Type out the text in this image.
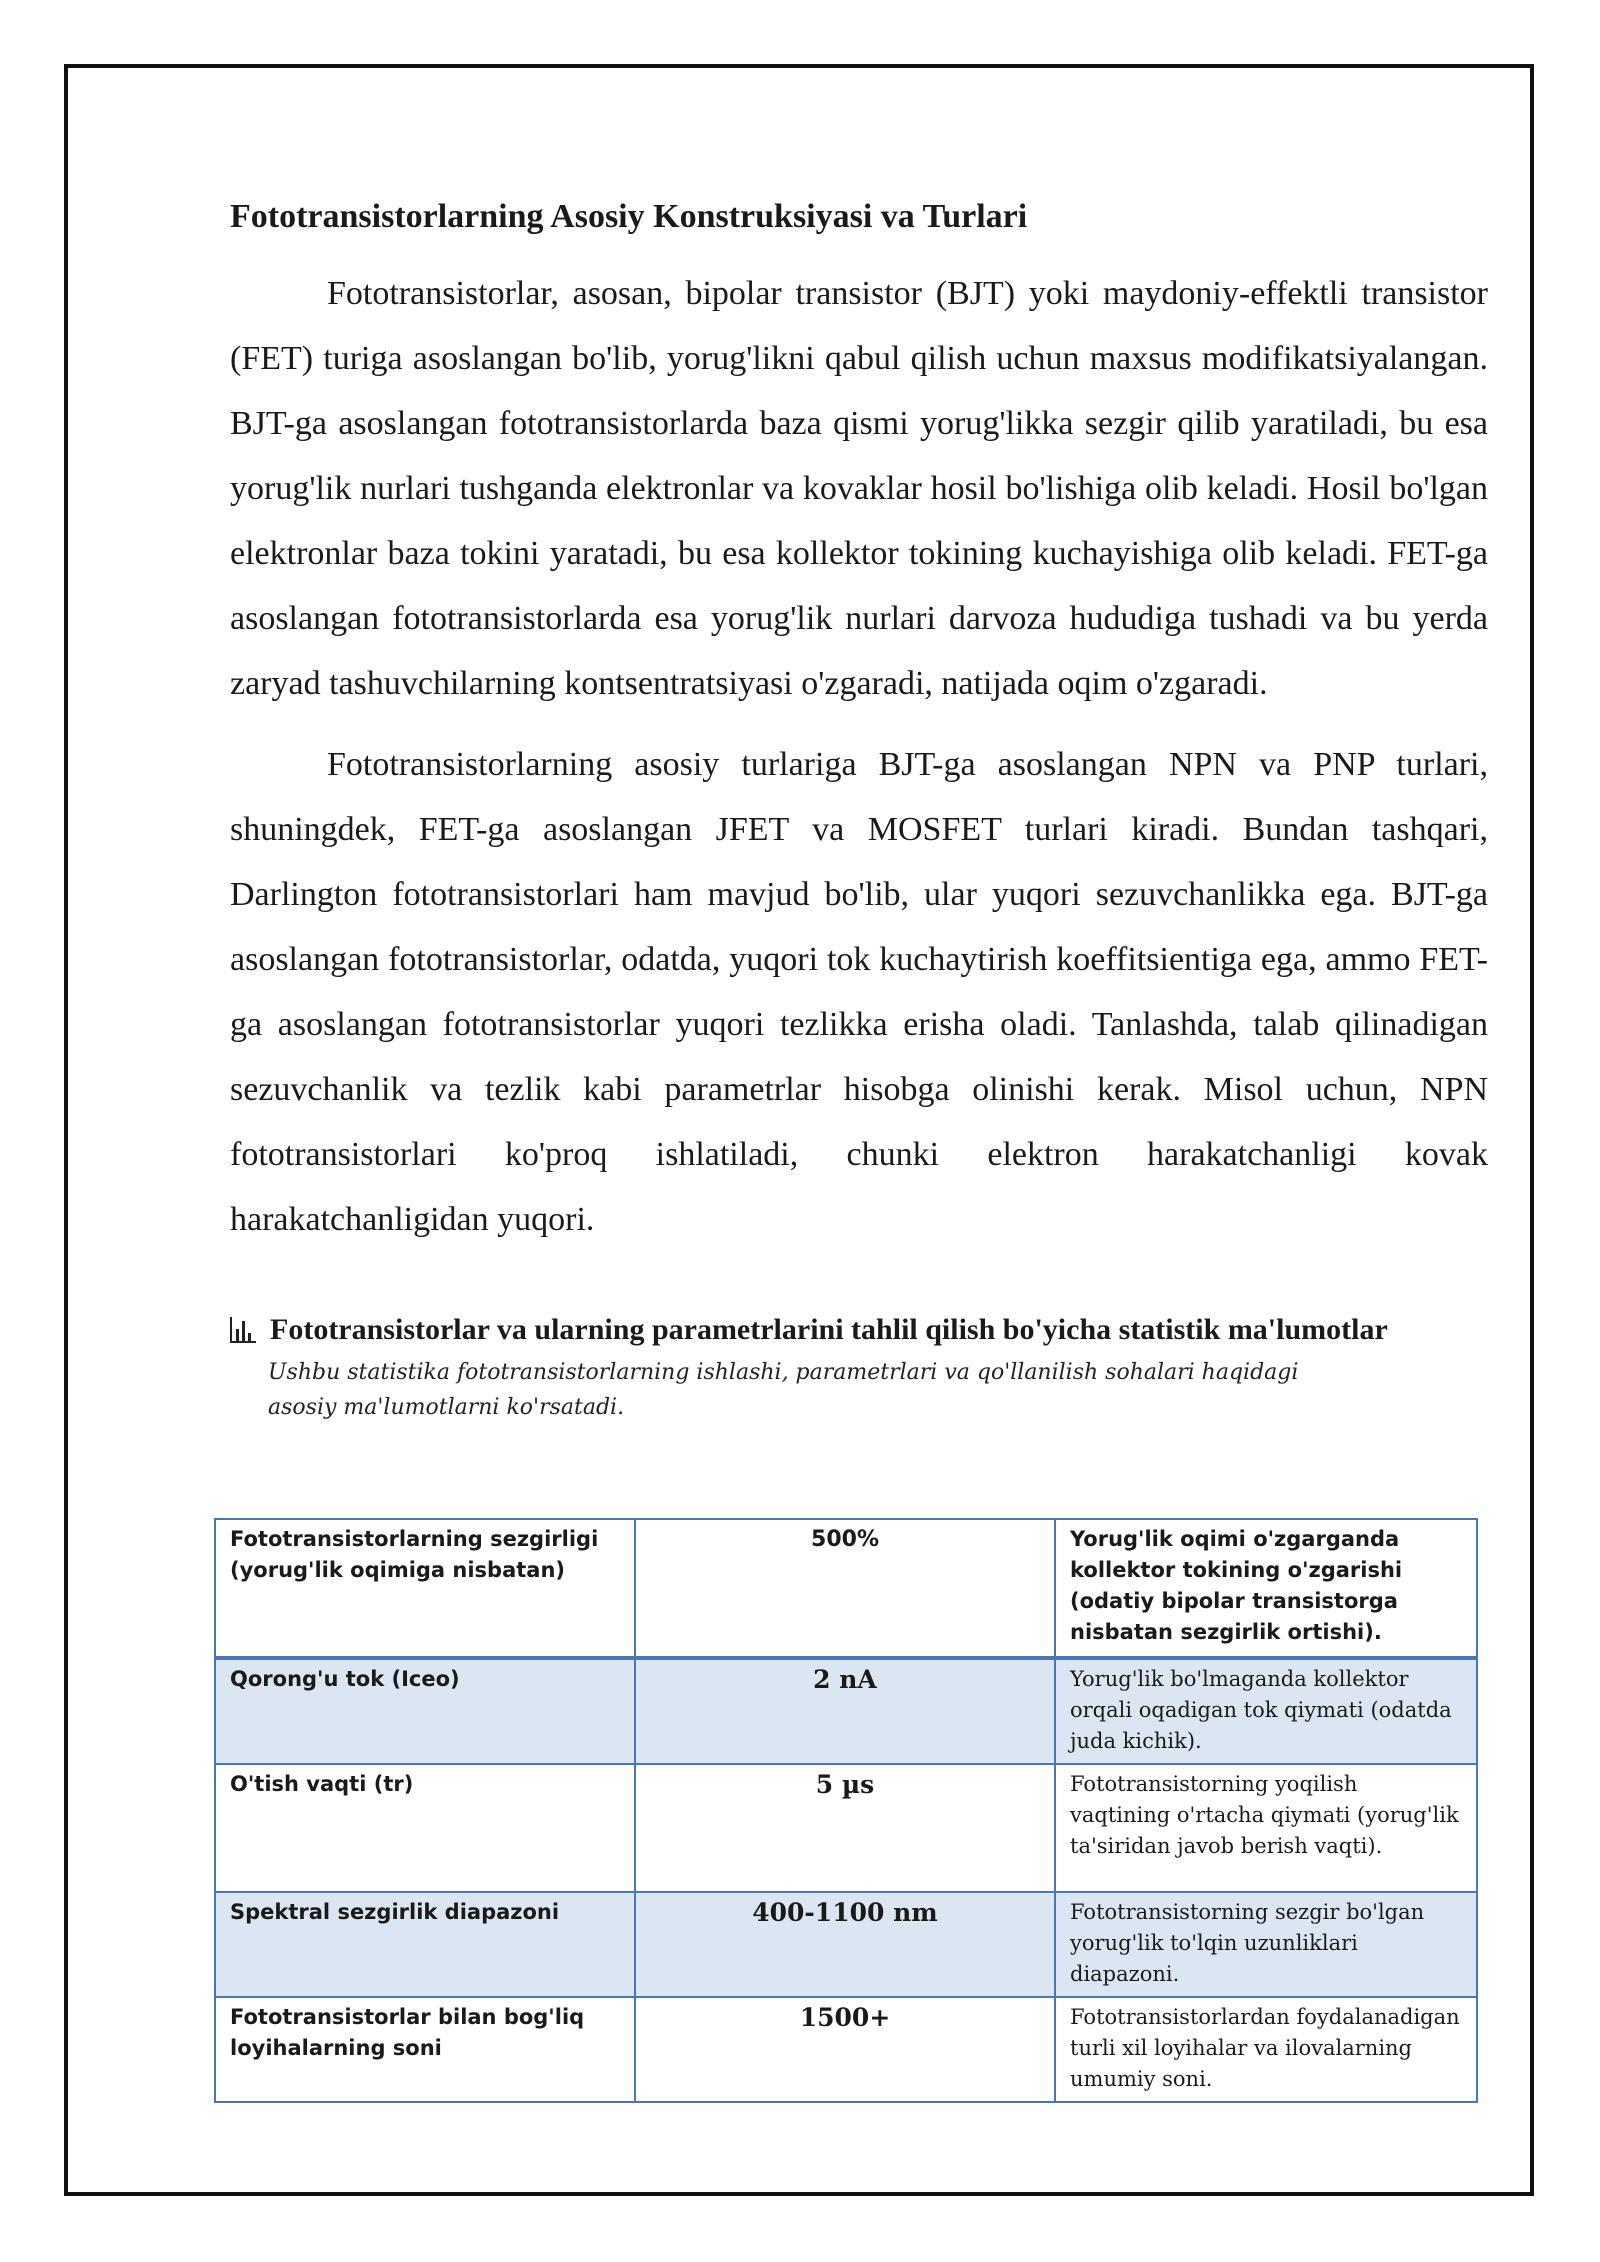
Fototransistorlarning Asosiy Konstruksiyasi va Turlari

Fototransistorlar, asosan, bipolar transistor (BJT) yoki maydoniy-effektli transistor (FET) turiga asoslangan bo'lib, yorug'likni qabul qilish uchun maxsus modifikatsiyalangan. BJT-ga asoslangan fototransistorlarda baza qismi yorug'likka sezgir qilib yaratiladi, bu esa yorug'lik nurlari tushganda elektronlar va kovaklar hosil bo'lishiga olib keladi. Hosil bo'lgan elektronlar baza tokini yaratadi, bu esa kollektor tokining kuchayishiga olib keladi. FET-ga asoslangan fototransistorlarda esa yorug'lik nurlari darvoza hududiga tushadi va bu yerda zaryad tashuvchilarning kontsentratsiyasi o'zgaradi, natijada oqim o'zgaradi.

Fototransistorlarning asosiy turlariga BJT-ga asoslangan NPN va PNP turlari, shuningdek, FET-ga asoslangan JFET va MOSFET turlari kiradi. Bundan tashqari, Darlington fototransistorlari ham mavjud bo'lib, ular yuqori sezuvchanlikka ega. BJT-ga asoslangan fototransistorlar, odatda, yuqori tok kuchaytirish koeffitsientiga ega, ammo FET-ga asoslangan fototransistorlar yuqori tezlikka erisha oladi. Tanlashda, talab qilinadigan sezuvchanlik va tezlik kabi parametrlar hisobga olinishi kerak. Misol uchun, NPN fototransistorlari ko'proq ishlatiladi, chunki elektron harakatchanligi kovak harakatchanligidan yuqori.

Fototransistorlar va ularning parametrlarini tahlil qilish bo'yicha statistik ma'lumotlar
Ushbu statistika fototransistorlarning ishlashi, parametrlari va qo'llanilish sohalari haqidagi asosiy ma'lumotlarni ko'rsatadi.
Fototransistorlarning sezgirligi (yorug'lik oqimiga nisbatan)	500%	Yorug'lik oqimi o'zgarganda kollektor tokining o'zgarishi (odatiy bipolar transistorga nisbatan sezgirlik ortishi).
Qorong'u tok (Iceo)	2 nA	Yorug'lik bo'lmaganda kollektor orqali oqadigan tok qiymati (odatda juda kichik).
O'tish vaqti (tr)	5 µs	Fototransistorning yoqilish vaqtining o'rtacha qiymati (yorug'lik ta'siridan javob berish vaqti).
Spektral sezgirlik diapazoni	400-1100 nm	Fototransistorning sezgir bo'lgan yorug'lik to'lqin uzunliklari diapazoni.
Fototransistorlar bilan bog'liq loyihalarning soni	1500+	Fototransistorlardan foydalanadigan turli xil loyihalar va ilovalarning umumiy soni.
